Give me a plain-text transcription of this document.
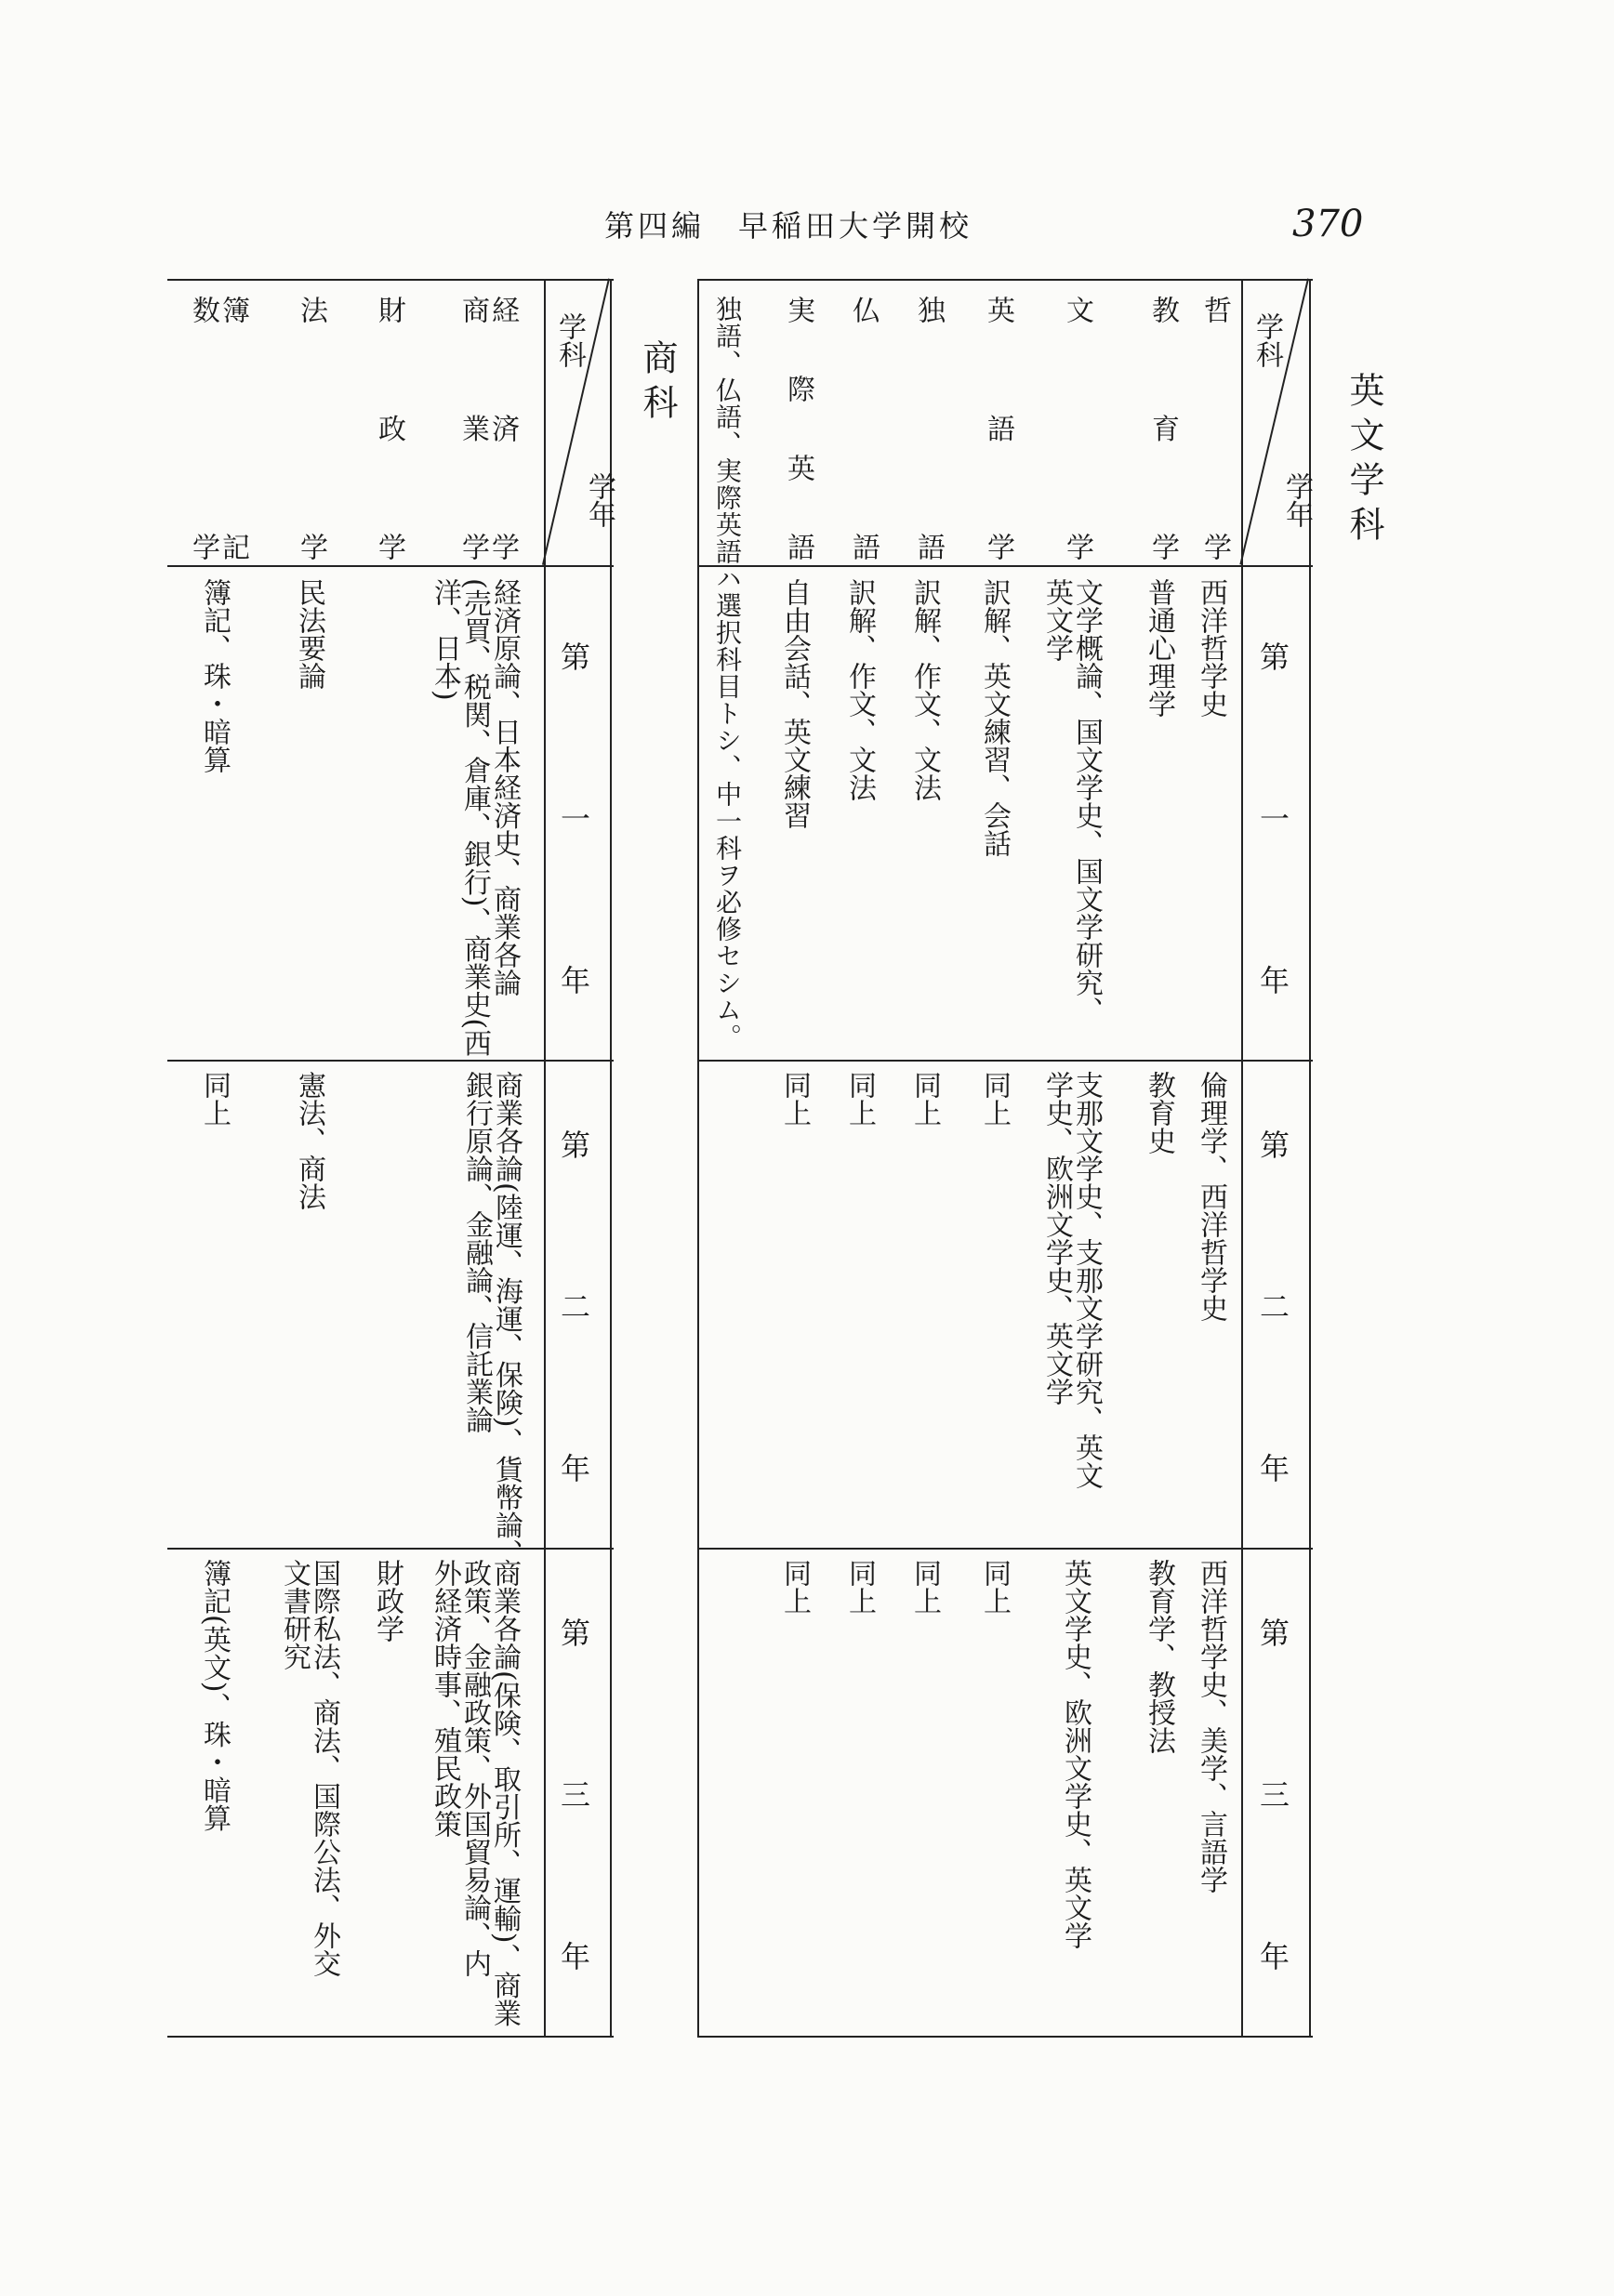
第四編　早稲田大学開校	370
英文学科
学科
学年
第　一　年
第　二　年
第　三　年
哲学
教育学
文学
英語学
独語
仏語
実際英語
西洋哲学史
普通心理学
文学概論、国文学史、国文学研究、
英文学
訳解、英文練習、会話
訳解、作文、文法
訳解、作文、文法
自由会話、英文練習
倫理学、西洋哲学史
教育史
支那文学史、支那文学研究、英文
学史、欧洲文学史、英文学
同上
同上
同上
同上
西洋哲学史、美学、言語学
教育学、教授法
英文学史、欧洲文学史、英文学
同上
同上
同上
同上
独語、仏語、実際英語ハ選択科目トシ、中一科ヲ必修セシム。
商科
学科
学年
第　一　年
第　二　年
第　三　年
経済学
商業学
財政学
法学
簿記
数学
経済原論、日本経済史、商業各論
(売買、税関、倉庫、銀行)、商業史(西
洋、日本)
民法要論
簿記、珠・暗算
商業各論(陸運、海運、保険)、貨幣論、
銀行原論、金融論、信託業論
憲法、商法
同上
商業各論(保険、取引所、運輸)、商業
政策、金融政策、外国貿易論、内
外経済時事、殖民政策
財政学
国際私法、商法、国際公法、外交
文書研究
簿記(英文)、珠・暗算
